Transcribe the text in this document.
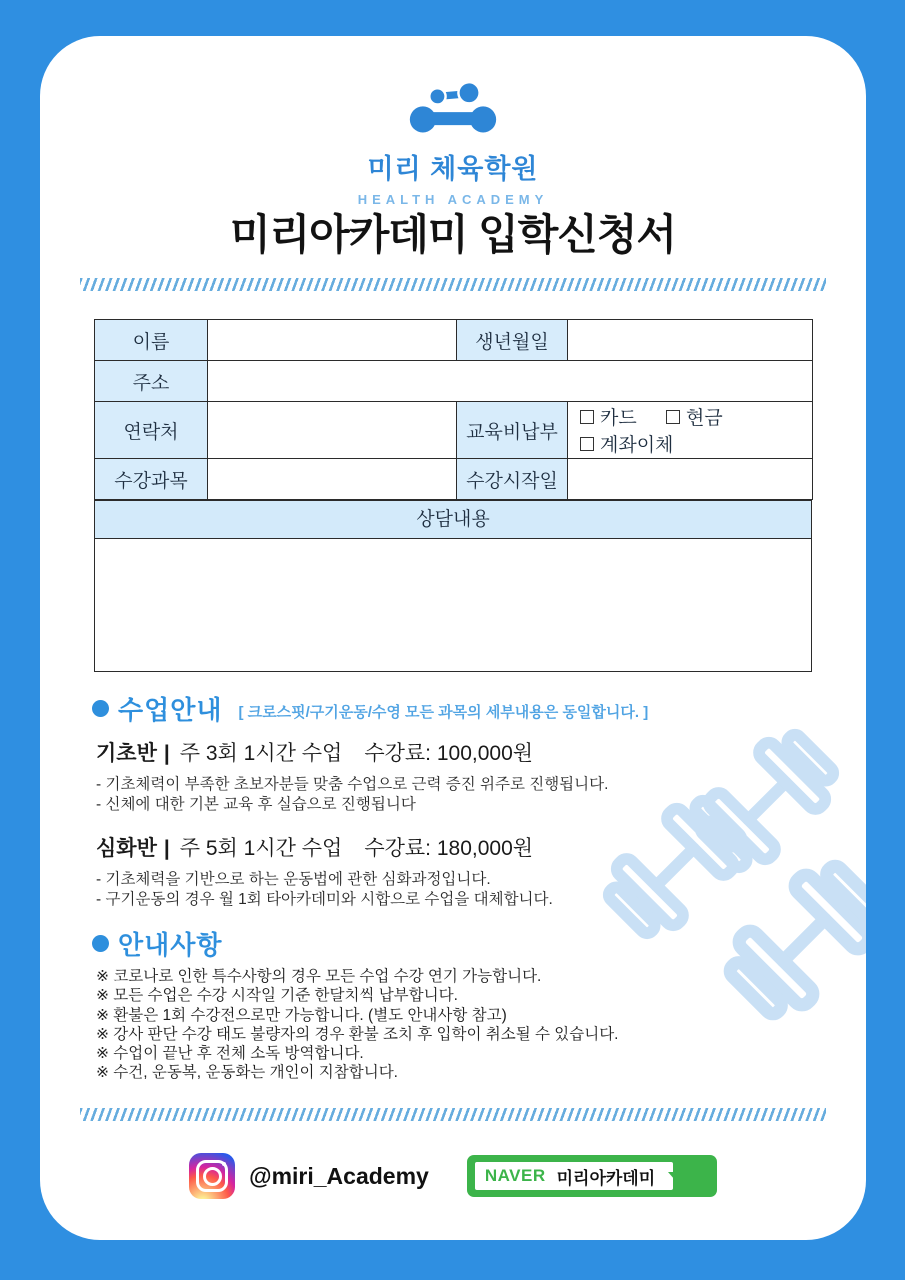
미리 체육학원
HEALTH ACADEMY
미리아카데미 입학신청서
이름		생년월일	
주소			
연락처		교육비납부	카드
현금

계좌이체

수강과목		수강시작일	
상담내용
수업안내 [ 크로스핏/구기운동/수영 모든 과목의 세부내용은 동일합니다. ]
기초반 | 주 3회 1시간 수업 수강료: 100,000원
- 기초체력이 부족한 초보자분들 맞춤 수업으로 근력 증진 위주로 진행됩니다.
- 신체에 대한 기본 교육 후 실습으로 진행됩니다
심화반 | 주 5회 1시간 수업 수강료: 180,000원
- 기초체력을 기반으로 하는 운동법에 관한 심화과정입니다.
- 구기운동의 경우 월 1회 타아카데미와 시합으로 수업을 대체합니다.
안내사항
※ 코로나로 인한 특수사항의 경우 모든 수업 수강 연기 가능합니다.
※ 모든 수업은 수강 시작일 기준 한달치씩 납부합니다.
※ 환불은 1회 수강전으로만 가능합니다. (별도 안내사항 참고)
※ 강사 판단 수강 태도 불량자의 경우 환불 조치 후 입학이 취소될 수 있습니다.
※ 수업이 끝난 후 전체 소독 방역합니다.
※ 수건, 운동복, 운동화는 개인이 지참합니다.
@miri_Academy	NAVER 미리아카데미
